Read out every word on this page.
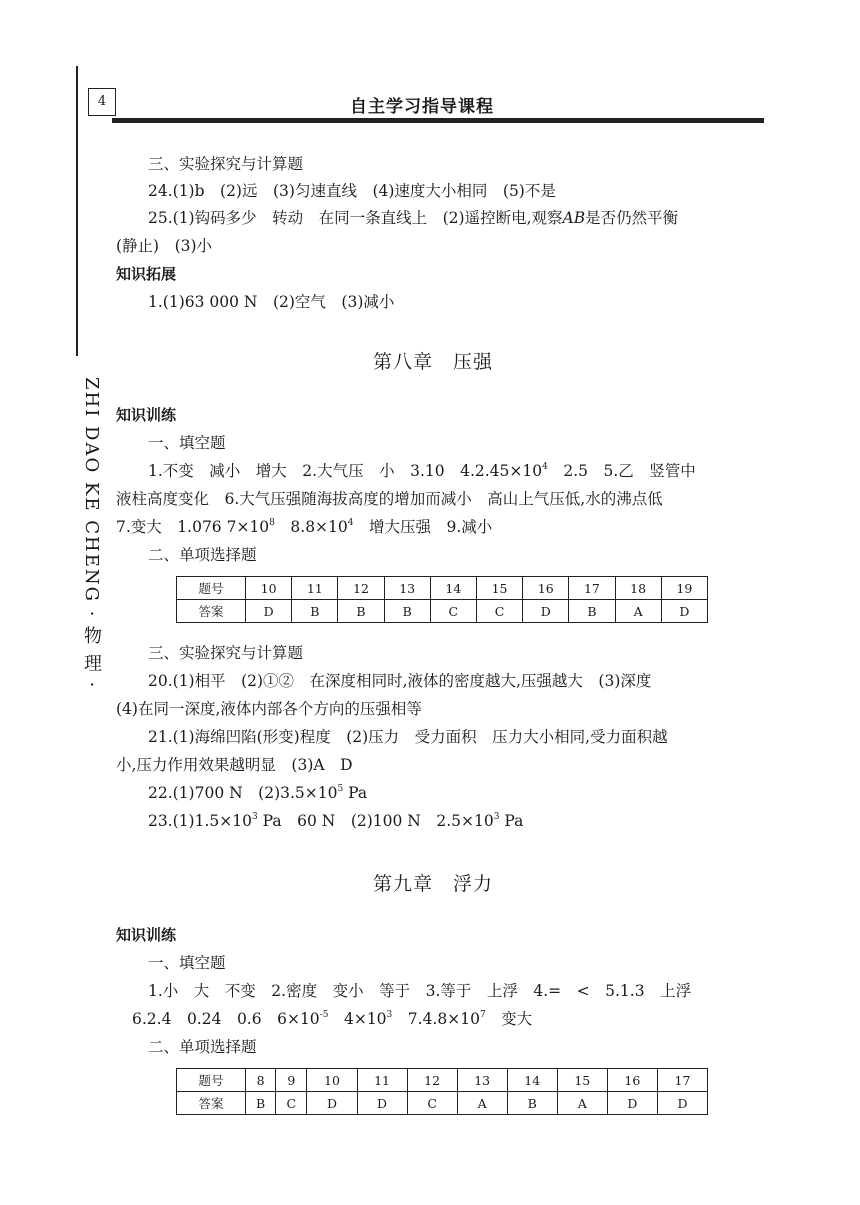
4	自主学习指导课程
ZHI DAO KE CHENG · 物 理 ·
三、实验探究与计算题
24.(1)b　(2)远　(3)匀速直线　(4)速度大小相同　(5)不是
25.(1)钩码多少　转动　在同一条直线上　(2)遥控断电,观察AB是否仍然平衡
(静止)　(3)小
知识拓展
1.(1)63 000 N　(2)空气　(3)减小
第八章　压强
知识训练
一、填空题
1.不变　减小　增大　2.大气压　小　3.10　$4.2.45\times 10^4$　2.5　5.乙　竖管中
液柱高度变化　6.大气压强随海拔高度的增加而减小　高山上气压低,水的沸点低
7.变大　1.076 $7\times 10^8$　$8.8\times 10^4$　增大压强　9.减小
二、单项选择题
题号	10	11	12	13	14	15	16	17	18	19
答案	D	B	B	B	C	C	D	B	A	D
三、实验探究与计算题
20.(1)相平　(2)①②　在深度相同时,液体的密度越大,压强越大　(3)深度
(4)在同一深度,液体内部各个方向的压强相等
21.(1)海绵凹陷(形变)程度　(2)压力　受力面积　压力大小相同,受力面积越
小,压力作用效果越明显　(3)A　D
22.(1)700 N　$(2)3.5\times 10^5$ Pa
$23.(1)1.5\times 10^3$ Pa　60 N　(2)100 N　$2.5\times 10^3$ Pa
第九章　浮力
知识训练
一、填空题
1.小　大　不变　2.密度　变小　等于　3.等于　上浮　4.=　<　5.1.3　上浮
6.2.4　0.24　0.6　$6\times 10^{-5}$　$4\times 10^3$　$7.4.8\times 10^7$　变大
二、单项选择题
题号	8	9	10	11	12	13	14	15	16	17
答案	B	C	D	D	C	A	B	A	D	D
